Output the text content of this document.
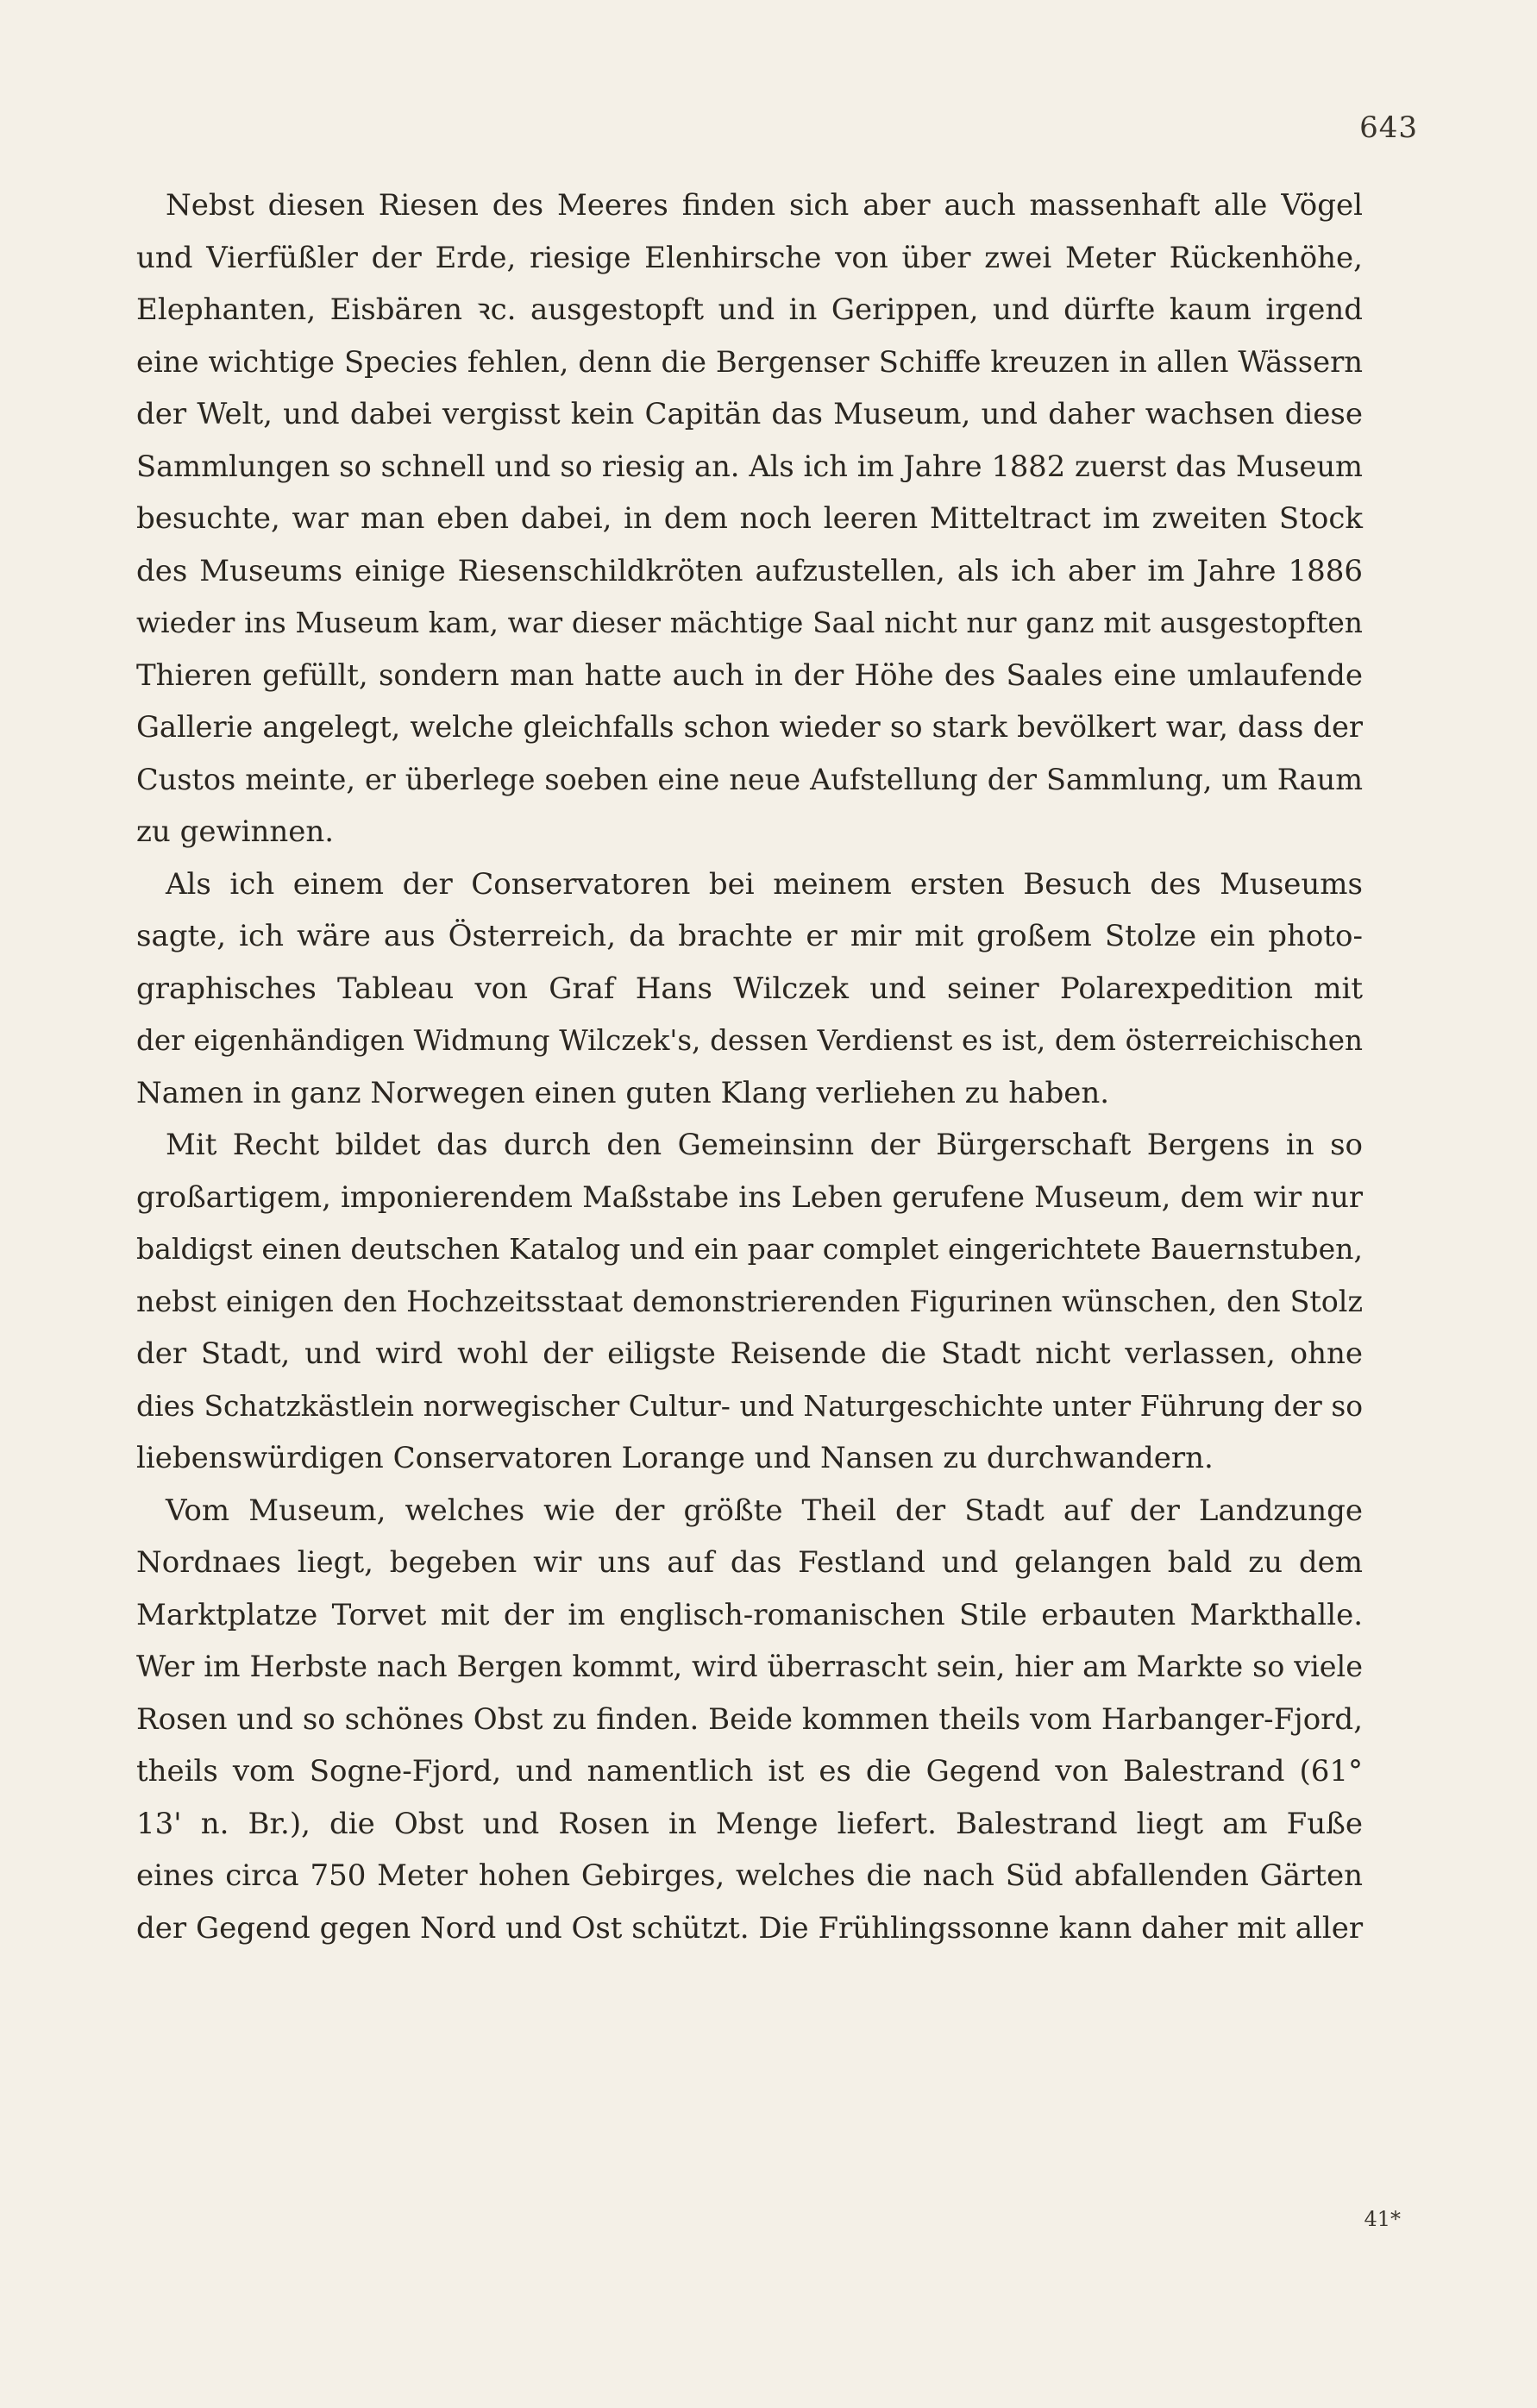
643

Nebst diesen Riesen des Meeres finden sich aber auch massenhaft alle Vögel
und Vierfüßler der Erde, riesige Elenhirsche von über zwei Meter Rückenhöhe,
Elephanten, Eisbären ꝛc. ausgestopft und in Gerippen, und dürfte kaum irgend
eine wichtige Species fehlen, denn die Bergenser Schiffe kreuzen in allen Wässern
der Welt, und dabei vergisst kein Capitän das Museum, und daher wachsen diese
Sammlungen so schnell und so riesig an. Als ich im Jahre 1882 zuerst das Museum
besuchte, war man eben dabei, in dem noch leeren Mitteltract im zweiten Stock
des Museums einige Riesenschildkröten aufzustellen, als ich aber im Jahre 1886
wieder ins Museum kam, war dieser mächtige Saal nicht nur ganz mit ausgestopften
Thieren gefüllt, sondern man hatte auch in der Höhe des Saales eine umlaufende
Gallerie angelegt, welche gleichfalls schon wieder so stark bevölkert war, dass der
Custos meinte, er überlege soeben eine neue Aufstellung der Sammlung, um Raum
zu gewinnen.

Als ich einem der Conservatoren bei meinem ersten Besuch des Museums
sagte, ich wäre aus Österreich, da brachte er mir mit großem Stolze ein photo-
graphisches Tableau von Graf Hans Wilczek und seiner Polarexpedition mit
der eigenhändigen Widmung Wilczek's, dessen Verdienst es ist, dem österreichischen
Namen in ganz Norwegen einen guten Klang verliehen zu haben.

Mit Recht bildet das durch den Gemeinsinn der Bürgerschaft Bergens in so
großartigem, imponierendem Maßstabe ins Leben gerufene Museum, dem wir nur
baldigst einen deutschen Katalog und ein paar complet eingerichtete Bauernstuben,
nebst einigen den Hochzeitsstaat demonstrierenden Figurinen wünschen, den Stolz
der Stadt, und wird wohl der eiligste Reisende die Stadt nicht verlassen, ohne
dies Schatzkästlein norwegischer Cultur- und Naturgeschichte unter Führung der so
liebenswürdigen Conservatoren Lorange und Nansen zu durchwandern.

Vom Museum, welches wie der größte Theil der Stadt auf der Landzunge
Nordnaes liegt, begeben wir uns auf das Festland und gelangen bald zu dem
Marktplatze Torvet mit der im englisch-romanischen Stile erbauten Markthalle.
Wer im Herbste nach Bergen kommt, wird überrascht sein, hier am Markte so viele
Rosen und so schönes Obst zu finden. Beide kommen theils vom Harbanger-Fjord,
theils vom Sogne-Fjord, und namentlich ist es die Gegend von Balestrand (61°
13' n. Br.), die Obst und Rosen in Menge liefert. Balestrand liegt am Fuße
eines circa 750 Meter hohen Gebirges, welches die nach Süd abfallenden Gärten
der Gegend gegen Nord und Ost schützt. Die Frühlingssonne kann daher mit aller

41*
